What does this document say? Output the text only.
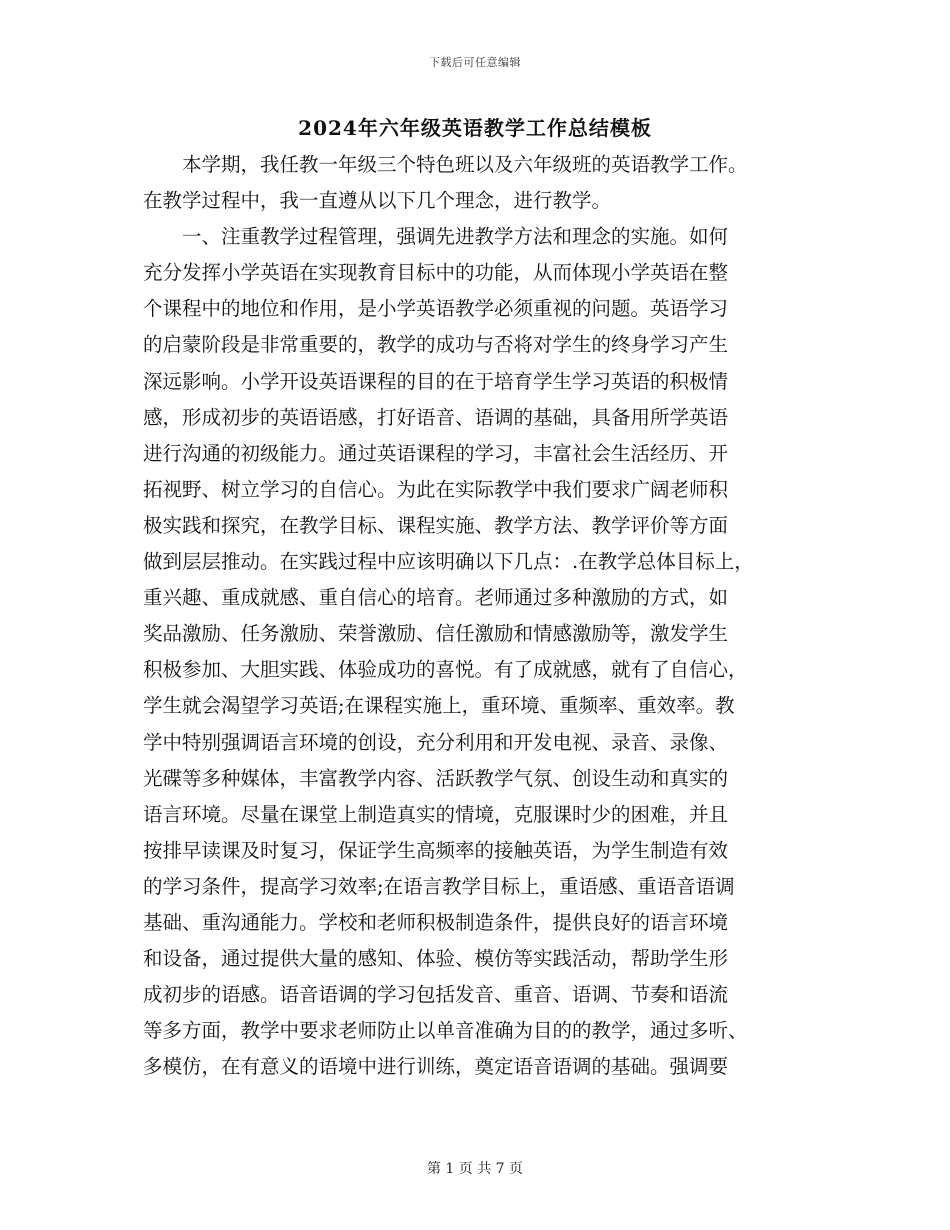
下载后可任意编辑
2024年六年级英语教学工作总结模板
　　本学期，我任教一年级三个特色班以及六年级班的英语教学工作。
在教学过程中，我一直遵从以下几个理念，进行教学。
　　一、注重教学过程管理，强调先进教学方法和理念的实施。如何
充分发挥小学英语在实现教育目标中的功能，从而体现小学英语在整
个课程中的地位和作用，是小学英语教学必须重视的问题。英语学习
的启蒙阶段是非常重要的，教学的成功与否将对学生的终身学习产生
深远影响。小学开设英语课程的目的在于培育学生学习英语的积极情
感，形成初步的英语语感，打好语音、语调的基础，具备用所学英语
进行沟通的初级能力。通过英语课程的学习，丰富社会生活经历、开
拓视野、树立学习的自信心。为此在实际教学中我们要求广阔老师积
极实践和探究，在教学目标、课程实施、教学方法、教学评价等方面
做到层层推动。在实践过程中应该明确以下几点：.在教学总体目标上，
重兴趣、重成就感、重自信心的培育。老师通过多种激励的方式，如
奖品激励、任务激励、荣誉激励、信任激励和情感激励等，激发学生
积极参加、大胆实践、体验成功的喜悦。有了成就感，就有了自信心，
学生就会渴望学习英语;在课程实施上，重环境、重频率、重效率。教
学中特别强调语言环境的创设，充分利用和开发电视、录音、录像、
光碟等多种媒体，丰富教学内容、活跃教学气氛、创设生动和真实的
语言环境。尽量在课堂上制造真实的情境，克服课时少的困难，并且
按排早读课及时复习，保证学生高频率的接触英语，为学生制造有效
的学习条件，提高学习效率;在语言教学目标上，重语感、重语音语调
基础、重沟通能力。学校和老师积极制造条件，提供良好的语言环境
和设备，通过提供大量的感知、体验、模仿等实践活动，帮助学生形
成初步的语感。语音语调的学习包括发音、重音、语调、节奏和语流
等多方面，教学中要求老师防止以单音准确为目的的教学，通过多听、
多模仿，在有意义的语境中进行训练，奠定语音语调的基础。强调要
第 1 页 共 7 页
